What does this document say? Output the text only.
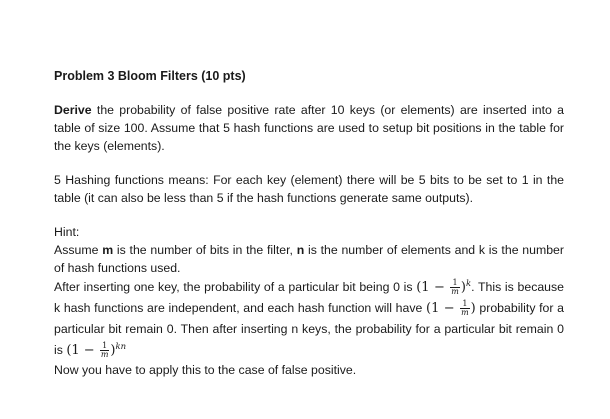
Problem 3 Bloom Filters (10 pts)

Derive the probability of false positive rate after 10 keys (or elements) are inserted into a table of size 100. Assume that 5 hash functions are used to setup bit positions in the table for the keys (elements).

5 Hashing functions means: For each key (element) there will be 5 bits to be set to 1 in the table (it can also be less than 5 if the hash functions generate same outputs).

Hint:

Assume m is the number of bits in the filter, n is the number of elements and k is the number of hash functions used.

After inserting one key, the probability of a particular bit being 0 is $(1 - \frac{1}{m} )^k$. This is because k hash functions are independent, and each hash function will have ($1 - \frac{1}{m}$ ) probability for a particular bit remain 0. Then after inserting n keys, the probability for a particular bit remain 0 is $(1 - \frac{1}{m} )^{kn}$

Now you have to apply this to the case of false positive.
